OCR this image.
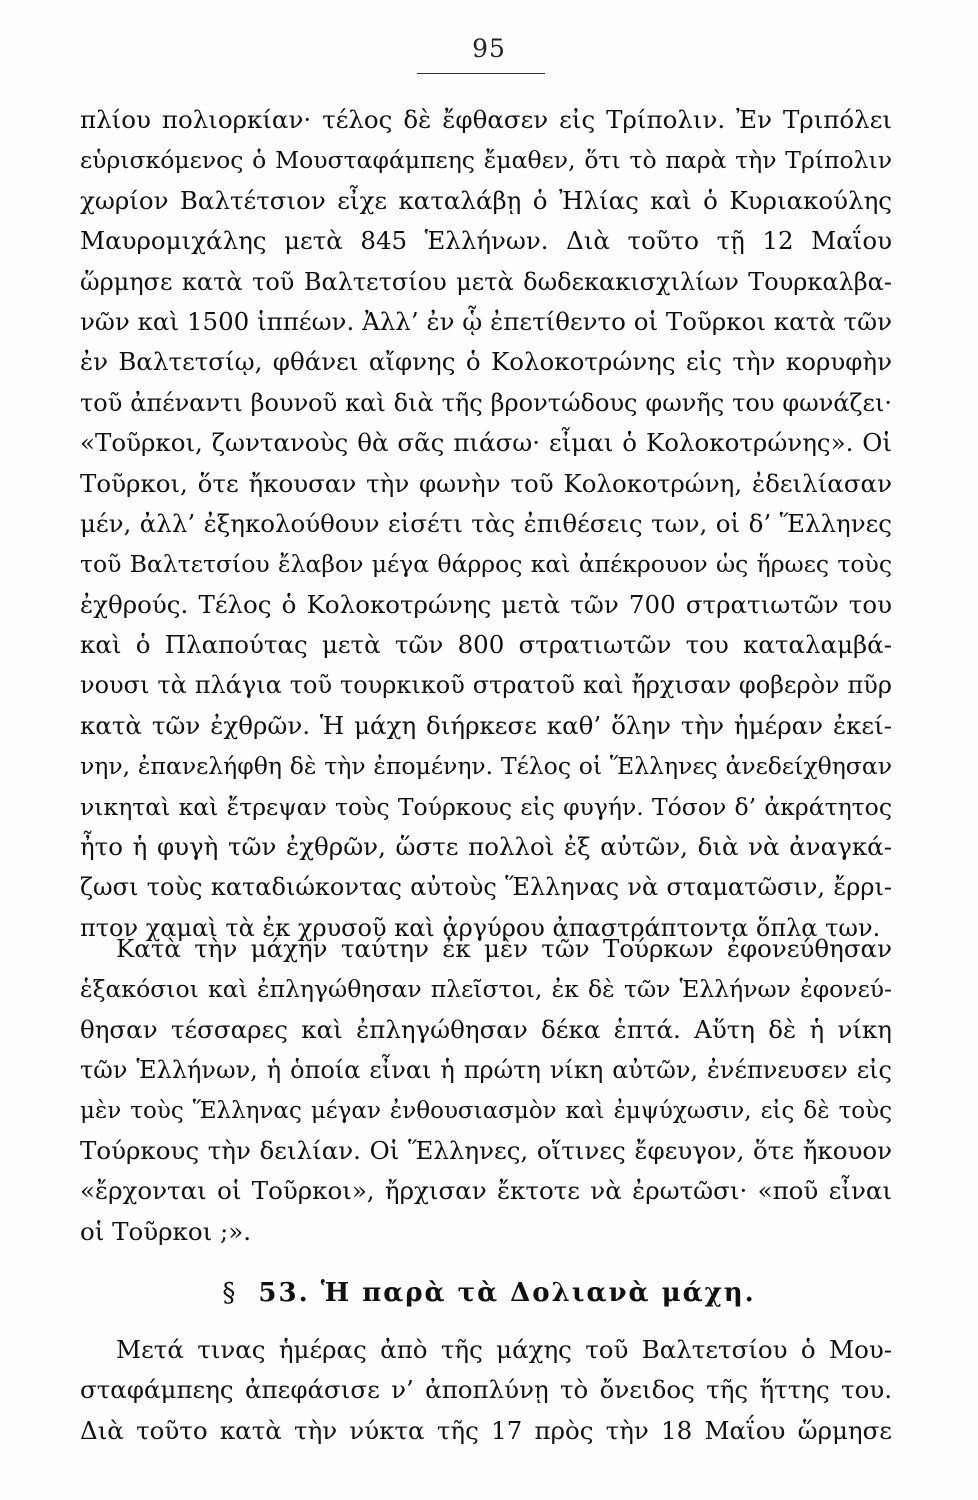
95
πλίου πολιορκίαν· τέλος δὲ ἔφθασεν εἰς Τρίπολιν. Ἐν Τριπόλει
εὑρισκόμενος ὁ Μουσταφάμπεης ἔμαθεν, ὅτι τὸ παρὰ τὴν Τρίπολιν
χωρίον Βαλτέτσιον εἶχε καταλάβῃ ὁ Ἠλίας καὶ ὁ Κυριακούλης
Μαυρομιχάλης μετὰ 845 Ἑλλήνων. Διὰ τοῦτο τῇ 12 Μαΐου
ὥρμησε κατὰ τοῦ Βαλτετσίου μετὰ δωδεκακισχιλίων Τουρκαλβα-
νῶν καὶ 1500 ἱππέων. Ἀλλ’ ἐν ᾧ ἐπετίθεντο οἱ Τοῦρκοι κατὰ τῶν
ἐν Βαλτετσίῳ, φθάνει αἴφνης ὁ Κολοκοτρώνης εἰς τὴν κορυφὴν
τοῦ ἀπέναντι βουνοῦ καὶ διὰ τῆς βροντώδους φωνῆς του φωνάζει·
«Τοῦρκοι, ζωντανοὺς θὰ σᾶς πιάσω· εἶμαι ὁ Κολοκοτρώνης». Οἱ
Τοῦρκοι, ὅτε ἤκουσαν τὴν φωνὴν τοῦ Κολοκοτρώνη, ἐδειλίασαν
μέν, ἀλλ’ ἐξηκολούθουν εἰσέτι τὰς ἐπιθέσεις των, οἱ δ’ Ἕλληνες
τοῦ Βαλτετσίου ἔλαβον μέγα θάρρος καὶ ἀπέκρουον ὡς ἥρωες τοὺς
ἐχθρούς. Τέλος ὁ Κολοκοτρώνης μετὰ τῶν 700 στρατιωτῶν του
καὶ ὁ Πλαπούτας μετὰ τῶν 800 στρατιωτῶν του καταλαμβά-
νουσι τὰ πλάγια τοῦ τουρκικοῦ στρατοῦ καὶ ἤρχισαν φοβερὸν πῦρ
κατὰ τῶν ἐχθρῶν. Ἡ μάχη διήρκεσε καθ’ ὅλην τὴν ἡμέραν ἐκεί-
νην, ἐπανελήφθη δὲ τὴν ἐπομένην. Τέλος οἱ Ἕλληνες ἀνεδείχθησαν
νικηταὶ καὶ ἔτρεψαν τοὺς Τούρκους εἰς φυγήν. Τόσον δ’ ἀκράτητος
ἦτο ἡ φυγὴ τῶν ἐχθρῶν, ὥστε πολλοὶ ἐξ αὐτῶν, διὰ νὰ ἀναγκά-
ζωσι τοὺς καταδιώκοντας αὐτοὺς Ἕλληνας νὰ σταματῶσιν, ἔρρι-
πτον χαμαὶ τὰ ἐκ χρυσοῦ καὶ ἀργύρου ἀπαστράπτοντα ὅπλα των.
Κατὰ τὴν μάχην ταύτην ἐκ μὲν τῶν Τούρκων ἐφονεύθησαν
ἑξακόσιοι καὶ ἐπληγώθησαν πλεῖστοι, ἐκ δὲ τῶν Ἑλλήνων ἐφονεύ-
θησαν τέσσαρες καὶ ἐπληγώθησαν δέκα ἑπτά. Αὕτη δὲ ἡ νίκη
τῶν Ἑλλήνων, ἡ ὁποία εἶναι ἡ πρώτη νίκη αὐτῶν, ἐνέπνευσεν εἰς
μὲν τοὺς Ἕλληνας μέγαν ἐνθουσιασμὸν καὶ ἐμψύχωσιν, εἰς δὲ τοὺς
Τούρκους τὴν δειλίαν. Οἱ Ἕλληνες, οἵτινες ἔφευγον, ὅτε ἤκουον
«ἔρχονται οἱ Τοῦρκοι», ἤρχισαν ἔκτοτε νὰ ἐρωτῶσι· «ποῦ εἶναι
οἱ Τοῦρκοι ;».
§ 53. Ἡ παρὰ τὰ Δολιανὰ μάχη.
Μετά τινας ἡμέρας ἀπὸ τῆς μάχης τοῦ Βαλτετσίου ὁ Μου-
σταφάμπεης ἀπεφάσισε ν’ ἀποπλύνῃ τὸ ὄνειδος τῆς ἥττης του.
Διὰ τοῦτο κατὰ τὴν νύκτα τῆς 17 πρὸς τὴν 18 Μαΐου ὥρμησε
